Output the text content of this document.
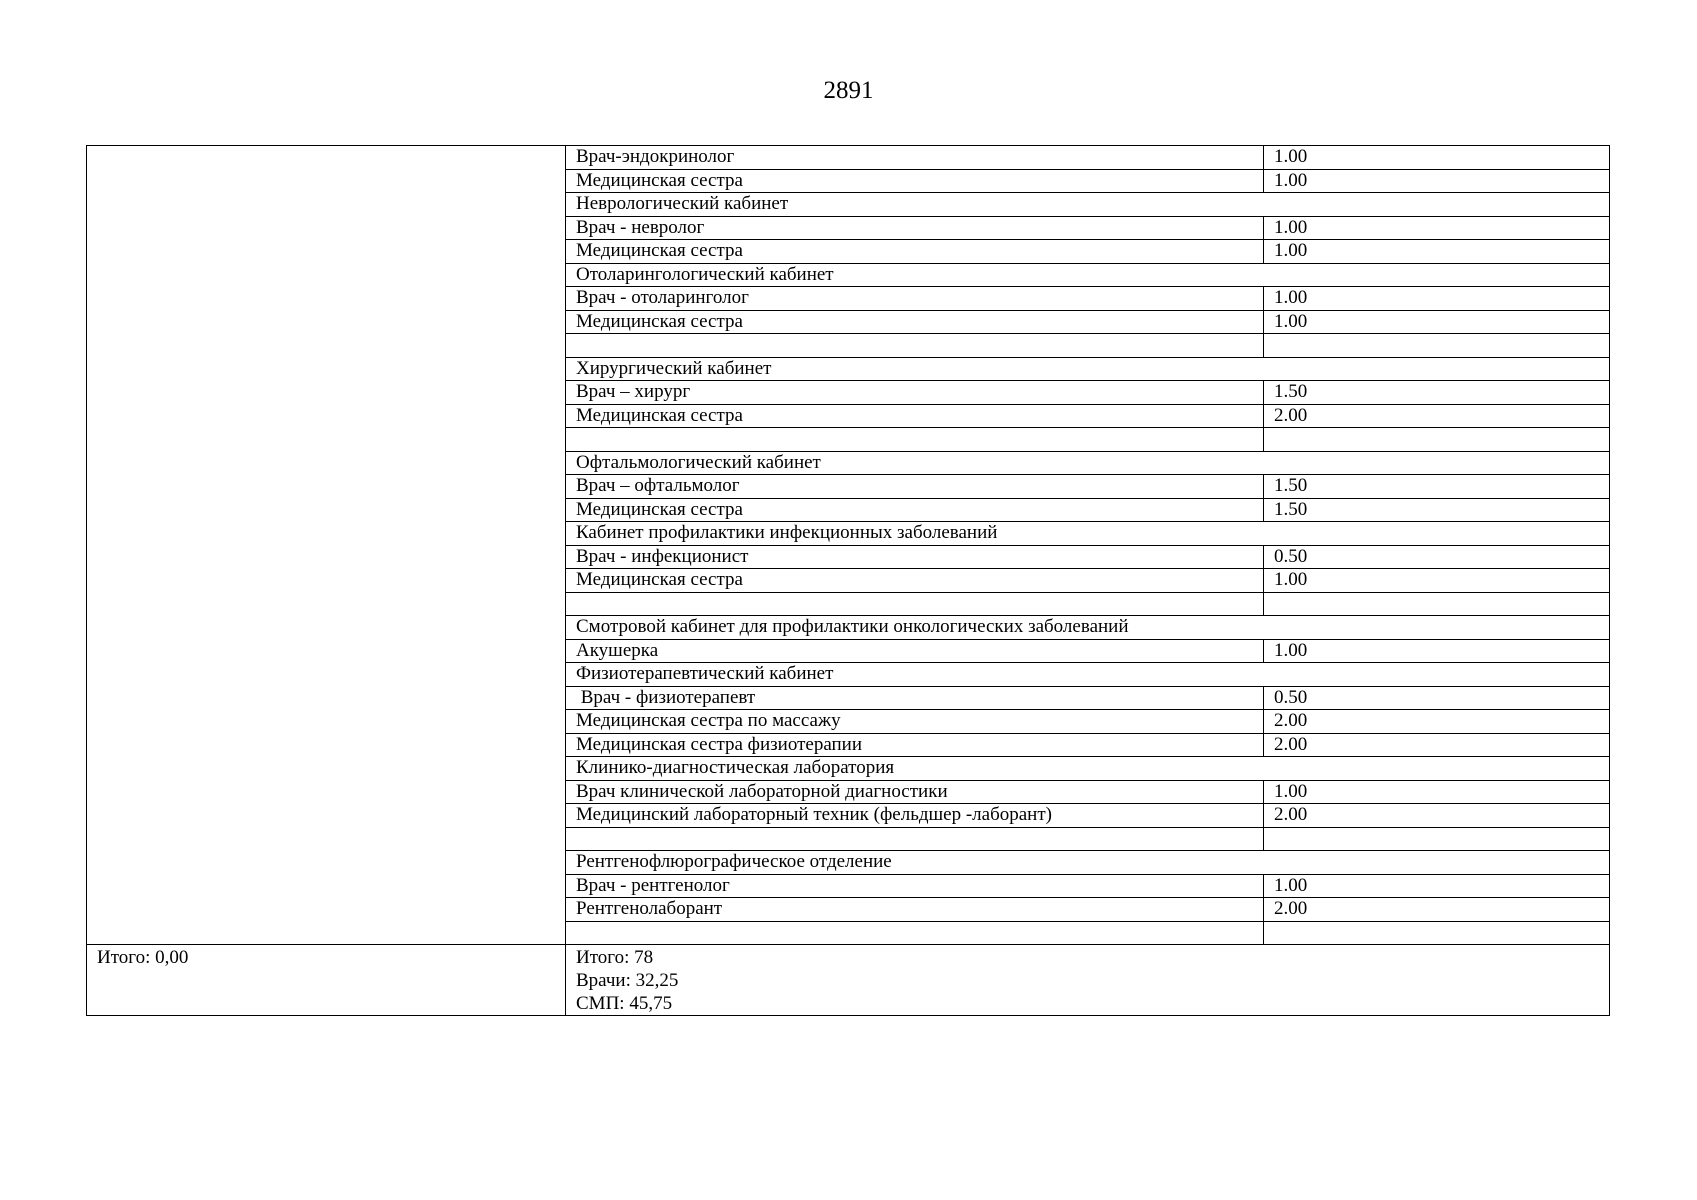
2891
	Врач-эндокринолог	1.00
	Медицинская сестра	1.00
	Неврологический кабинет	
	Врач - невролог	1.00
	Медицинская сестра	1.00
	Отоларингологический кабинет	
	Врач - отоларинголог	1.00
	Медицинская сестра	1.00

	Хирургический кабинет	
	Врач – хирург	1.50
	Медицинская сестра	2.00

	Офтальмологический кабинет	
	Врач – офтальмолог	1.50
	Медицинская сестра	1.50
	Кабинет профилактики инфекционных заболеваний	
	Врач - инфекционист	0.50
	Медицинская сестра	1.00

	Смотровой кабинет для профилактики онкологических заболеваний	
	Акушерка	1.00
	Физиотерапевтический кабинет	
	Врач - физиотерапевт	0.50
	Медицинская сестра по массажу	2.00
	Медицинская сестра физиотерапии	2.00
	Клинико-диагностическая лаборатория	
	Врач клинической лабораторной диагностики	1.00
	Медицинский лабораторный техник (фельдшер -лаборант)	2.00

	Рентгенофлюрографическое отделение	
	Врач - рентгенолог	1.00
	Рентгенолаборант	2.00

Итого: 0,00	Итого: 78
Врачи: 32,25
СМП: 45,75	
